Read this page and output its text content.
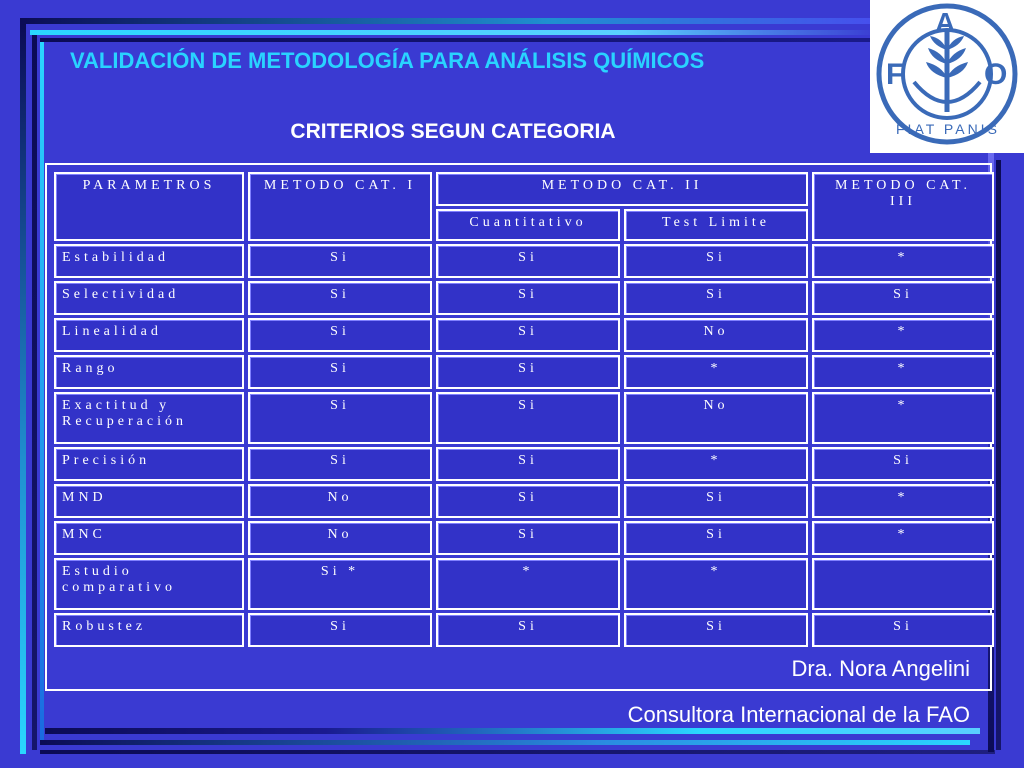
F
A
O
FIAT PANIS
VALIDACIÓN DE METODOLOGÍA PARA ANÁLISIS QUÍMICOS
CRITERIOS SEGUN CATEGORIA
PARAMETROS	METODO CAT. I	METODO CAT. II		METODO CAT. III
		Cuantitativo	Test Limite	
Estabilidad	Si	Si	Si	*
Selectividad	Si	Si	Si	Si
Linealidad	Si	Si	No	*
Rango	Si	Si	*	*
Exactitud y Recuperación	Si	Si	No	*
Precisión	Si	Si	*	Si
MND	No	Si	Si	*
MNC	No	Si	Si	*
Estudio comparativo	Si *	*	*	
Robustez	Si	Si	Si	Si
Dra. Nora Angelini
Consultora Internacional de la FAO
